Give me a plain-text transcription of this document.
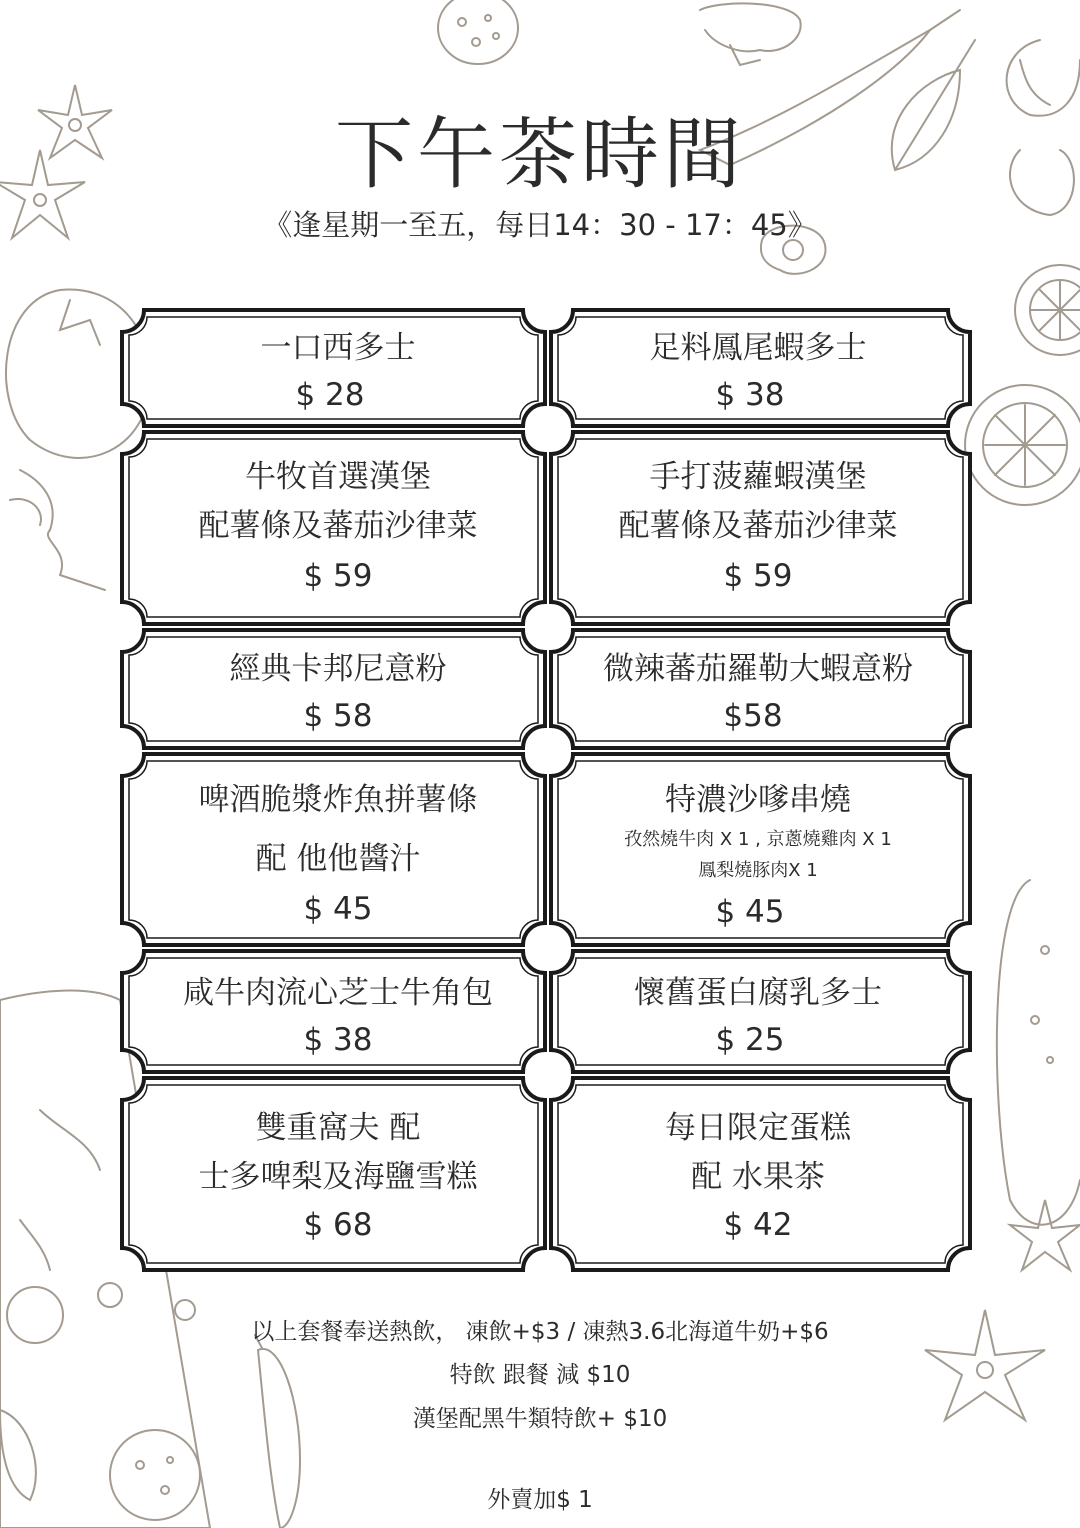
下午茶時間
《逢星期一至五，每日14：30 - 17：45》
一口西多士
$ 28
足料鳳尾蝦多士
$ 38
牛牧首選漢堡
配薯條及蕃茄沙律菜
$ 59
手打菠蘿蝦漢堡
配薯條及蕃茄沙律菜
$ 59
經典卡邦尼意粉
$ 58
微辣蕃茄羅勒大蝦意粉
$58
啤酒脆漿炸魚拼薯條
配 他他醬汁
$ 45
特濃沙嗲串燒
孜然燒牛肉 X 1 , 京蔥燒雞肉 X 1
鳳梨燒豚肉X 1
$ 45
咸牛肉流心芝士牛角包
$ 38
懷舊蛋白腐乳多士
$ 25
雙重窩夫 配
士多啤梨及海鹽雪糕
$ 68
每日限定蛋糕
配 水果茶
$ 42
以上套餐奉送熱飲， 凍飲+$3 / 凍熱3.6北海道牛奶+$6
特飲 跟餐 減 $10
漢堡配黑牛類特飲+ $10
外賣加$ 1
